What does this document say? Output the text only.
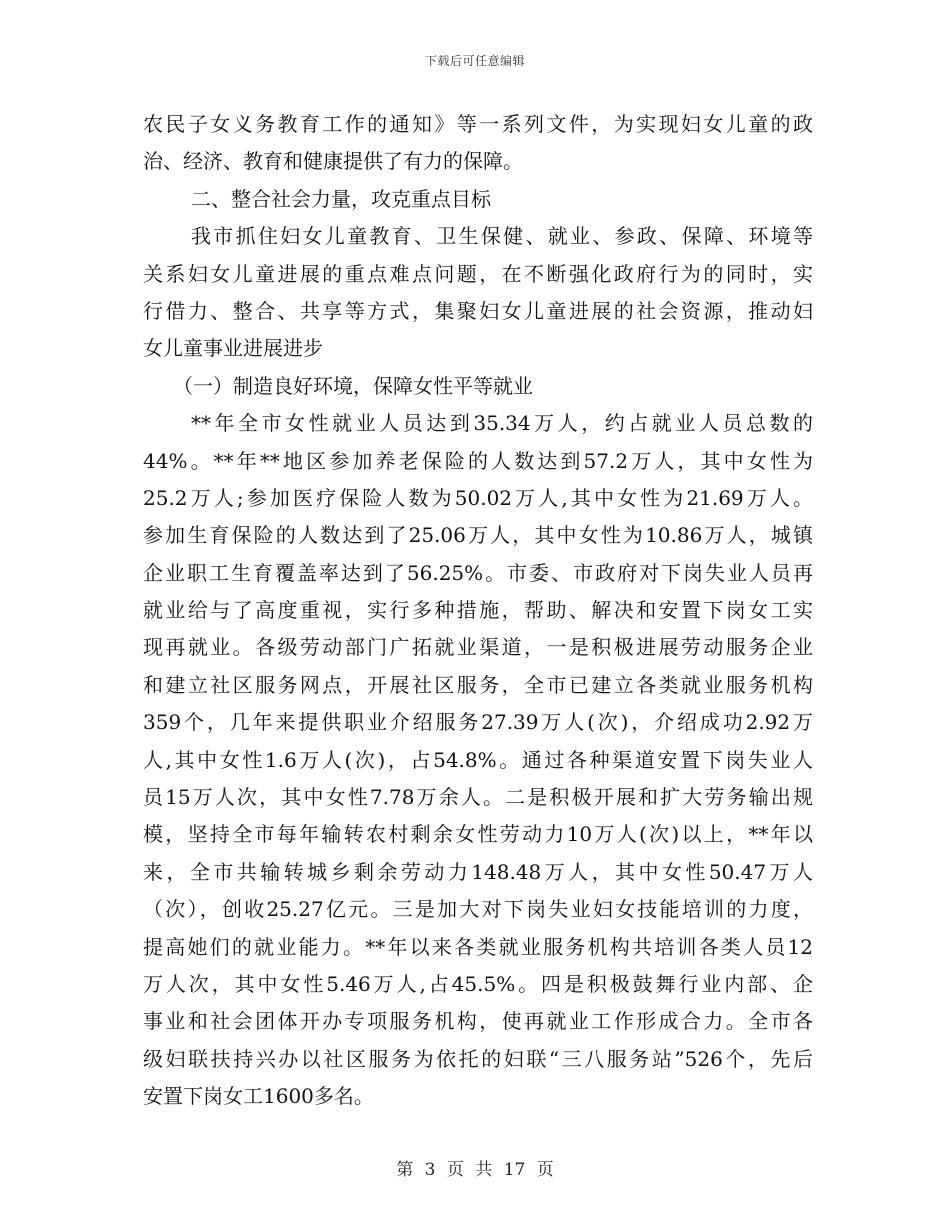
下载后可任意编辑
农民子女义务教育工作的通知》等一系列文件，为实现妇女儿童的政
治、经济、教育和健康提供了有力的保障。
二、整合社会力量，攻克重点目标
我市抓住妇女儿童教育、卫生保健、就业、参政、保障、环境等
关系妇女儿童进展的重点难点问题，在不断强化政府行为的同时，实
行借力、整合、共享等方式，集聚妇女儿童进展的社会资源，推动妇
女儿童事业进展进步
（一）制造良好环境，保障女性平等就业
**年全市女性就业人员达到35.34万人，约占就业人员总数的
44%。**年**地区参加养老保险的人数达到57.2万人，其中女性为
25.2万人;参加医疗保险人数为50.02万人,其中女性为21.69万人。
参加生育保险的人数达到了25.06万人，其中女性为10.86万人，城镇
企业职工生育覆盖率达到了56.25%。市委、市政府对下岗失业人员再
就业给与了高度重视，实行多种措施，帮助、解决和安置下岗女工实
现再就业。各级劳动部门广拓就业渠道，一是积极进展劳动服务企业
和建立社区服务网点，开展社区服务，全市已建立各类就业服务机构
359个，几年来提供职业介绍服务27.39万人(次)，介绍成功2.92万
人,其中女性1.6万人(次)，占54.8%。通过各种渠道安置下岗失业人
员15万人次，其中女性7.78万余人。二是积极开展和扩大劳务输出规
模，坚持全市每年输转农村剩余女性劳动力10万人(次)以上，**年以
来，全市共输转城乡剩余劳动力148.48万人，其中女性50.47万人
（次），创收25.27亿元。三是加大对下岗失业妇女技能培训的力度，
提高她们的就业能力。**年以来各类就业服务机构共培训各类人员12
万人次，其中女性5.46万人,占45.5%。四是积极鼓舞行业内部、企
事业和社会团体开办专项服务机构，使再就业工作形成合力。全市各
级妇联扶持兴办以社区服务为依托的妇联“三八服务站”526个，先后
安置下岗女工1600多名。
第 3 页 共 17 页
